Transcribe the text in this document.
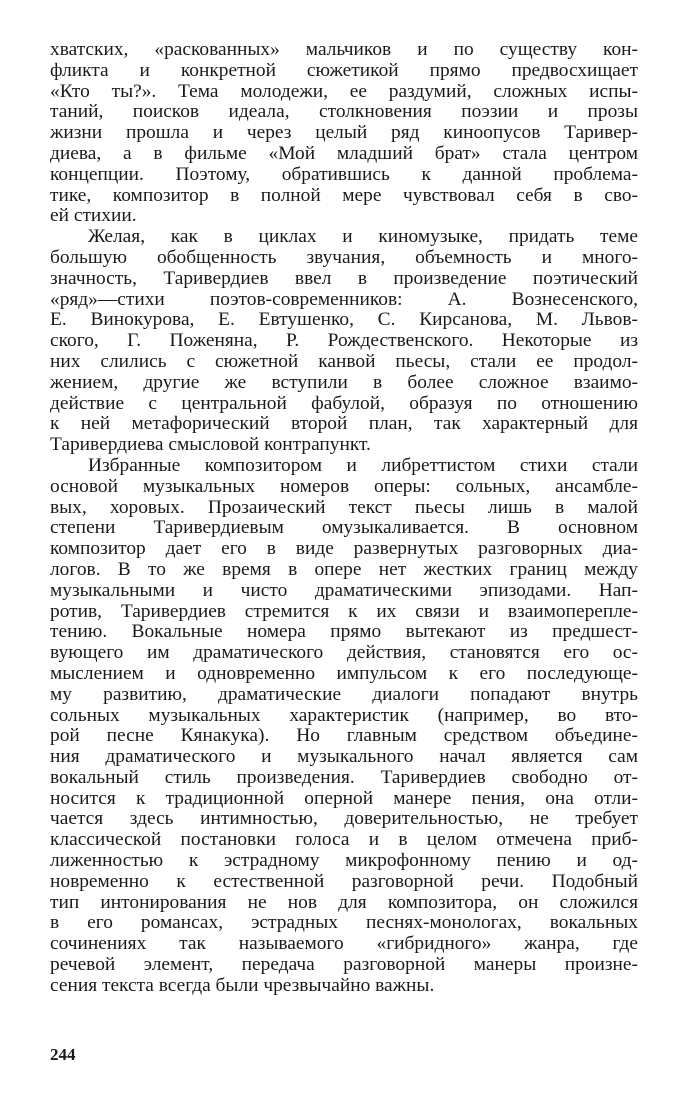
хватских, «раскованных» мальчиков и по существу кон-
фликта и конкретной сюжетикой прямо предвосхищает
«Кто ты?». Тема молодежи, ее раздумий, сложных испы-
таний, поисков идеала, столкновения поэзии и прозы
жизни прошла и через целый ряд кинoопусов Таривер-
диева, а в фильме «Мой младший брат» стала центром
концепции. Поэтому, обратившись к данной проблема-
тике, композитор в полной мере чувствовал себя в сво-
ей стихии.
Желая, как в циклах и киномузыке, придать теме
большую обобщенность звучания, объемность и много-
значность, Таривердиев ввел в произведение поэтический
«ряд»—стихи поэтов-современников: А. Вознесенского,
Е. Винокурова, Е. Евтушенко, С. Кирсанова, М. Львов-
ского, Г. Поженяна, Р. Рождественского. Некоторые из
них слились с сюжетной канвой пьесы, стали ее продол-
жением, другие же вступили в более сложное взаимо-
действие с центральной фабулой, образуя по отношению
к ней метафорический второй план, так характерный для
Таривердиева смысловой контрапункт.
Избранные композитором и либреттистом стихи стали
основой музыкальных номеров оперы: сольных, ансамбле-
вых, хоровых. Прозаический текст пьесы лишь в малой
степени Таривердиевым омузыкаливается. В основном
композитор дает его в виде развернутых разговорных диа-
логов. В то же время в опере нет жестких границ между
музыкальными и чисто драматическими эпизодами. Нап-
ротив, Таривердиев стремится к их связи и взаимопереплe-
тению. Вокальные номера прямо вытекают из предшест-
вующего им драматического действия, становятся его ос-
мыслением и одновременно импульсом к его последующе-
му развитию, драматические диалоги попадают внутрь
сольных музыкальных характеристик (например, во вто-
рой песне Кянакука). Но главным средством объедине-
ния драматического и музыкального начал является сам
вокальный стиль произведения. Таривердиев свободно от-
носится к традиционной оперной манере пения, она отли-
чается здесь интимностью, доверительностью, не требует
классической постановки голоса и в целом отмечена приб-
лиженностью к эстрадному микрофонному пению и од-
новременно к естественной разговорной речи. Подобный
тип интонирования не нов для композитора, он сложился
в его романсах, эстрадных песнях-монологах, вокальных
сочинениях так называемого «гибридного» жанра, где
речевой элемент, передача разговорной манеры произне-
сения текста всегда были чрезвычайно важны.
244
